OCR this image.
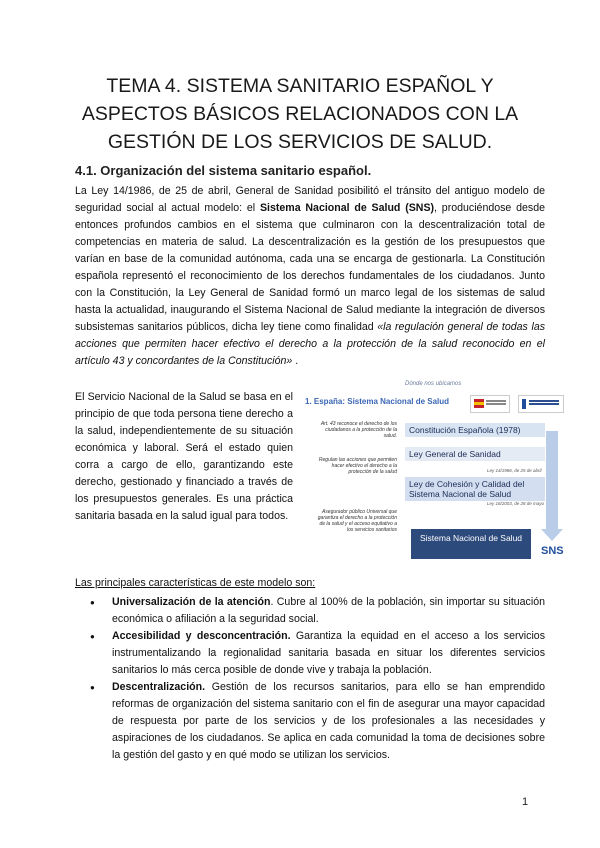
TEMA 4. SISTEMA SANITARIO ESPAÑOL Y
ASPECTOS BÁSICOS RELACIONADOS CON LA
GESTIÓN DE LOS SERVICIOS DE SALUD.
4.1. Organización del sistema sanitario español.
La Ley 14/1986, de 25 de abril, General de Sanidad posibilitó el tránsito del antiguo modelo de seguridad social al actual modelo: el Sistema Nacional de Salud (SNS), produciéndose desde entonces profundos cambios en el sistema que culminaron con la descentralización total de competencias en materia de salud. La descentralización es la gestión de los presupuestos que varían en base de la comunidad autónoma, cada una se encarga de gestionarla. La Constitución española representó el reconocimiento de los derechos fundamentales de los ciudadanos. Junto con la Constitución, la Ley General de Sanidad formó un marco legal de los sistemas de salud hasta la actualidad, inaugurando el Sistema Nacional de Salud mediante la integración de diversos subsistemas sanitarios públicos, dicha ley tiene como finalidad «la regulación general de todas las acciones que permiten hacer efectivo el derecho a la protección de la salud reconocido en el artículo 43 y concordantes de la Constitución» .
El Servicio Nacional de la Salud se basa en el principio de que toda persona tiene derecho a la salud, independientemente de su situación económica y laboral. Será el estado quien corra a cargo de ello, garantizando este derecho, gestionado y financiado a través de los presupuestos generales. Es una práctica sanitaria basada en la salud igual para todos.
Dónde nos ubicamos
1. España: Sistema Nacional de Salud
Art. 43 reconoce el derecho de los ciudadanos a la protección de la salud.
Regulan las acciones que permiten hacer efectivo el derecho a la protección de la salud
Asegurador público Universal que garantiza el derecho a la protección de la salud y el acceso equitativo a los servicios sanitarios
Constitución Española (1978)
Ley General de Sanidad
Ley 14/1986, de 25 de abril
Ley de Cohesión y Calidad del Sistema Nacional de Salud
Ley 16/2003, de 28 de mayo
Sistema Nacional de Salud
SNS
Las principales características de este modelo son:
● Universalización de la atención. Cubre al 100% de la población, sin importar su situación económica o afiliación a la seguridad social.
● Accesibilidad y desconcentración. Garantiza la equidad en el acceso a los servicios instrumentalizando la regionalidad sanitaria basada en situar los diferentes servicios sanitarios lo más cerca posible de donde vive y trabaja la población.
● Descentralización. Gestión de los recursos sanitarios, para ello se han emprendido reformas de organización del sistema sanitario con el fin de asegurar una mayor capacidad de respuesta por parte de los servicios y de los profesionales a las necesidades y aspiraciones de los ciudadanos. Se aplica en cada comunidad la toma de decisiones sobre la gestión del gasto y en qué modo se utilizan los servicios.
1
